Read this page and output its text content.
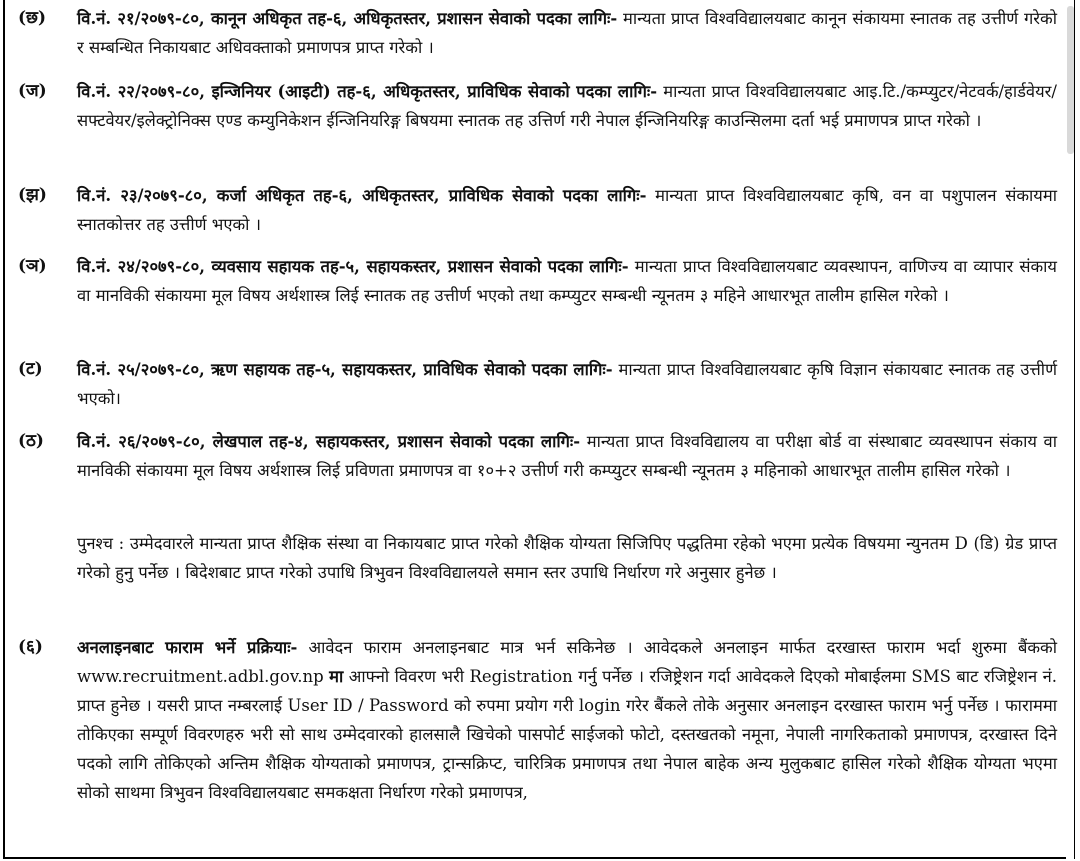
(छ) वि.नं. २१/२०७९-८०, कानून अधिकृत तह-६, अधिकृतस्तर, प्रशासन सेवाको पदका लागिः- मान्यता प्राप्त विश्वविद्यालयबाट कानून संकायमा स्नातक तह उत्तीर्ण गरेको र सम्बन्धित निकायबाट अधिवक्ताको प्रमाणपत्र प्राप्त गरेको ।
(ज) वि.नं. २२/२०७९-८०, इन्जिनियर (आइटी) तह-६, अधिकृतस्तर, प्राविधिक सेवाको पदका लागिः- मान्यता प्राप्त विश्वविद्यालयबाट आइ.टि./कम्प्युटर/नेटवर्क/हार्डवेयर/सफ्टवेयर/इलेक्ट्रोनिक्स एण्ड कम्युनिकेशन ईन्जिनियरिङ्ग बिषयमा स्नातक तह उत्तिर्ण गरी नेपाल ईन्जिनियरिङ्ग काउन्सिलमा दर्ता भई प्रमाणपत्र प्राप्त गरेको ।
(झ) वि.नं. २३/२०७९-८०, कर्जा अधिकृत तह-६, अधिकृतस्तर, प्राविधिक सेवाको पदका लागिः- मान्यता प्राप्त विश्वविद्यालयबाट कृषि, वन वा पशुपालन संकायमा स्नातकोत्तर तह उत्तीर्ण भएको ।
(ञ) वि.नं. २४/२०७९-८०, व्यवसाय सहायक तह-५, सहायकस्तर, प्रशासन सेवाको पदका लागिः- मान्यता प्राप्त विश्वविद्यालयबाट व्यवस्थापन, वाणिज्य वा व्यापार संकाय वा मानविकी संकायमा मूल विषय अर्थशास्त्र लिई स्नातक तह उत्तीर्ण भएको तथा कम्प्युटर सम्बन्धी न्यूनतम ३ महिने आधारभूत तालीम हासिल गरेको ।
(ट) वि.नं. २५/२०७९-८०, ऋण सहायक तह-५, सहायकस्तर, प्राविधिक सेवाको पदका लागिः- मान्यता प्राप्त विश्वविद्यालयबाट कृषि विज्ञान संकायबाट स्नातक तह उत्तीर्ण भएको।
(ठ) वि.नं. २६/२०७९-८०, लेखपाल तह-४, सहायकस्तर, प्रशासन सेवाको पदका लागिः- मान्यता प्राप्त विश्वविद्यालय वा परीक्षा बोर्ड वा संस्थाबाट व्यवस्थापन संकाय वा मानविकी संकायमा मूल विषय अर्थशास्त्र लिई प्रविणता प्रमाणपत्र वा १०+२ उत्तीर्ण गरी कम्प्युटर सम्बन्धी न्यूनतम ३ महिनाको आधारभूत तालीम हासिल गरेको ।
पुनश्च : उम्मेदवारले मान्यता प्राप्त शैक्षिक संस्था वा निकायबाट प्राप्त गरेको शैक्षिक योग्यता सिजिपिए पद्धतिमा रहेको भएमा प्रत्येक विषयमा न्युनतम D (डि) ग्रेड प्राप्त गरेको हुनु पर्नेछ । बिदेशबाट प्राप्त गरेको उपाधि त्रिभुवन विश्वविद्यालयले समान स्तर उपाधि निर्धारण गरे अनुसार हुनेछ ।
(६) अनलाइनबाट फाराम भर्ने प्रक्रियाः- आवेदन फाराम अनलाइनबाट मात्र भर्न सकिनेछ । आवेदकले अनलाइन मार्फत दरखास्त फाराम भर्दा शुरुमा बैंकको www.recruitment.adbl.gov.np मा आफ्नो विवरण भरी Registration गर्नु पर्नेछ । रजिष्ट्रेशन गर्दा आवेदकले दिएको मोबाईलमा SMS बाट रजिष्ट्रेशन नं. प्राप्त हुनेछ । यसरी प्राप्त नम्बरलाई User ID / Password को रुपमा प्रयोग गरी login गरेर बैंकले तोके अनुसार अनलाइन दरखास्त फाराम भर्नु पर्नेछ । फाराममा तोकिएका सम्पूर्ण विवरणहरु भरी सो साथ उम्मेदवारको हालसालै खिचेको पासपोर्ट साईजको फोटो, दस्तखतको नमूना, नेपाली नागरिकताको प्रमाणपत्र, दरखास्त दिने पदको लागि तोकिएको अन्तिम शैक्षिक योग्यताको प्रमाणपत्र, ट्रान्सक्रिप्ट, चारित्रिक प्रमाणपत्र तथा नेपाल बाहेक अन्य मुलुकबाट हासिल गरेको शैक्षिक योग्यता भएमा सोको साथमा त्रिभुवन विश्वविद्यालयबाट समकक्षता निर्धारण गरेको प्रमाणपत्र,
